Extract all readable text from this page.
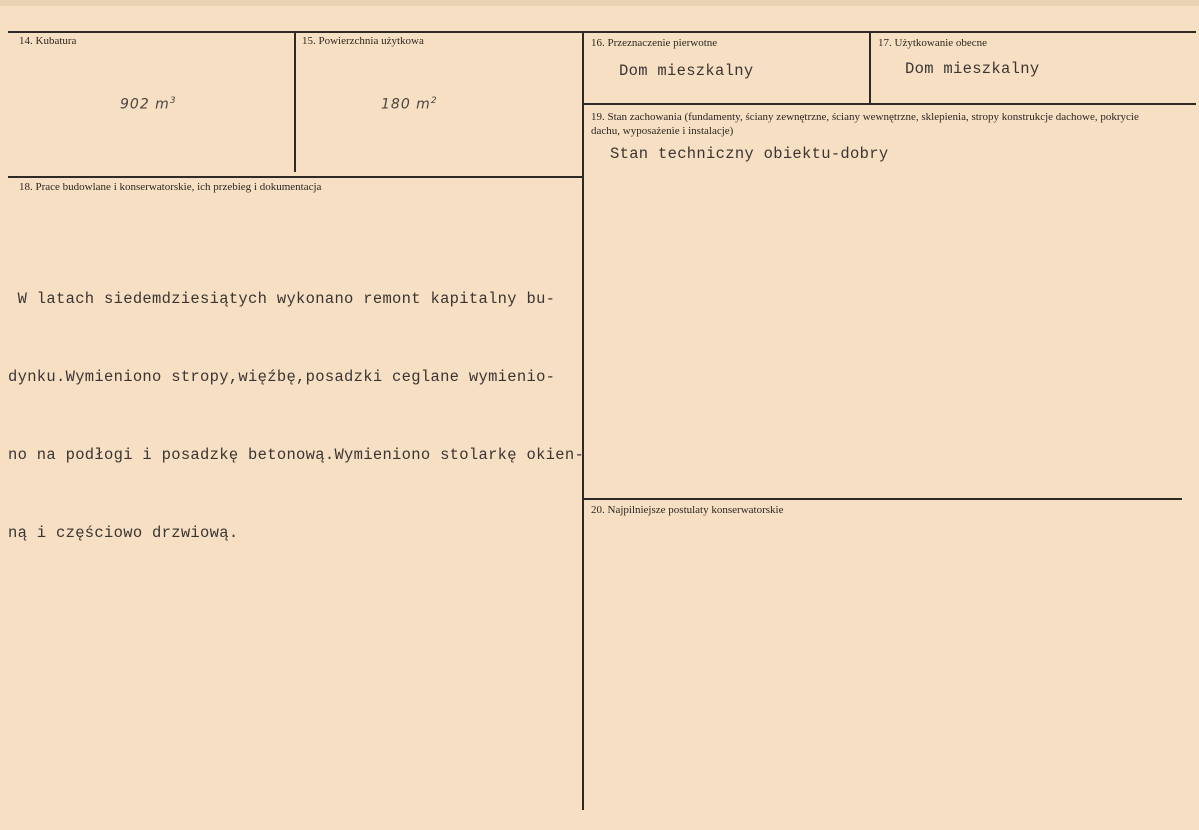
14. Kubatura
902 $m^3$
15. Powierzchnia użytkowa
180 $m^2$
16. Przeznaczenie pierwotne
Dom mieszkalny
17. Użytkowanie obecne
Dom mieszkalny
19. Stan zachowania (fundamenty, ściany zewnętrzne, ściany wewnętrzne, sklepienia, stropy konstrukcje dachowe, pokrycie dachu, wyposażenie i instalacje)
Stan techniczny obiektu-dobry
18. Prace budowlane i konserwatorskie, ich przebieg i dokumentacja

W latach siedemdziesiątych wykonano remont kapitalny bu-

dynku.Wymieniono stropy,więźbę,posadzki ceglane wymienio-

no na podłogi i posadzkę betonową.Wymieniono stolarkę okien-

ną i częściowo drzwiową.

20. Najpilniejsze postulaty konserwatorskie
